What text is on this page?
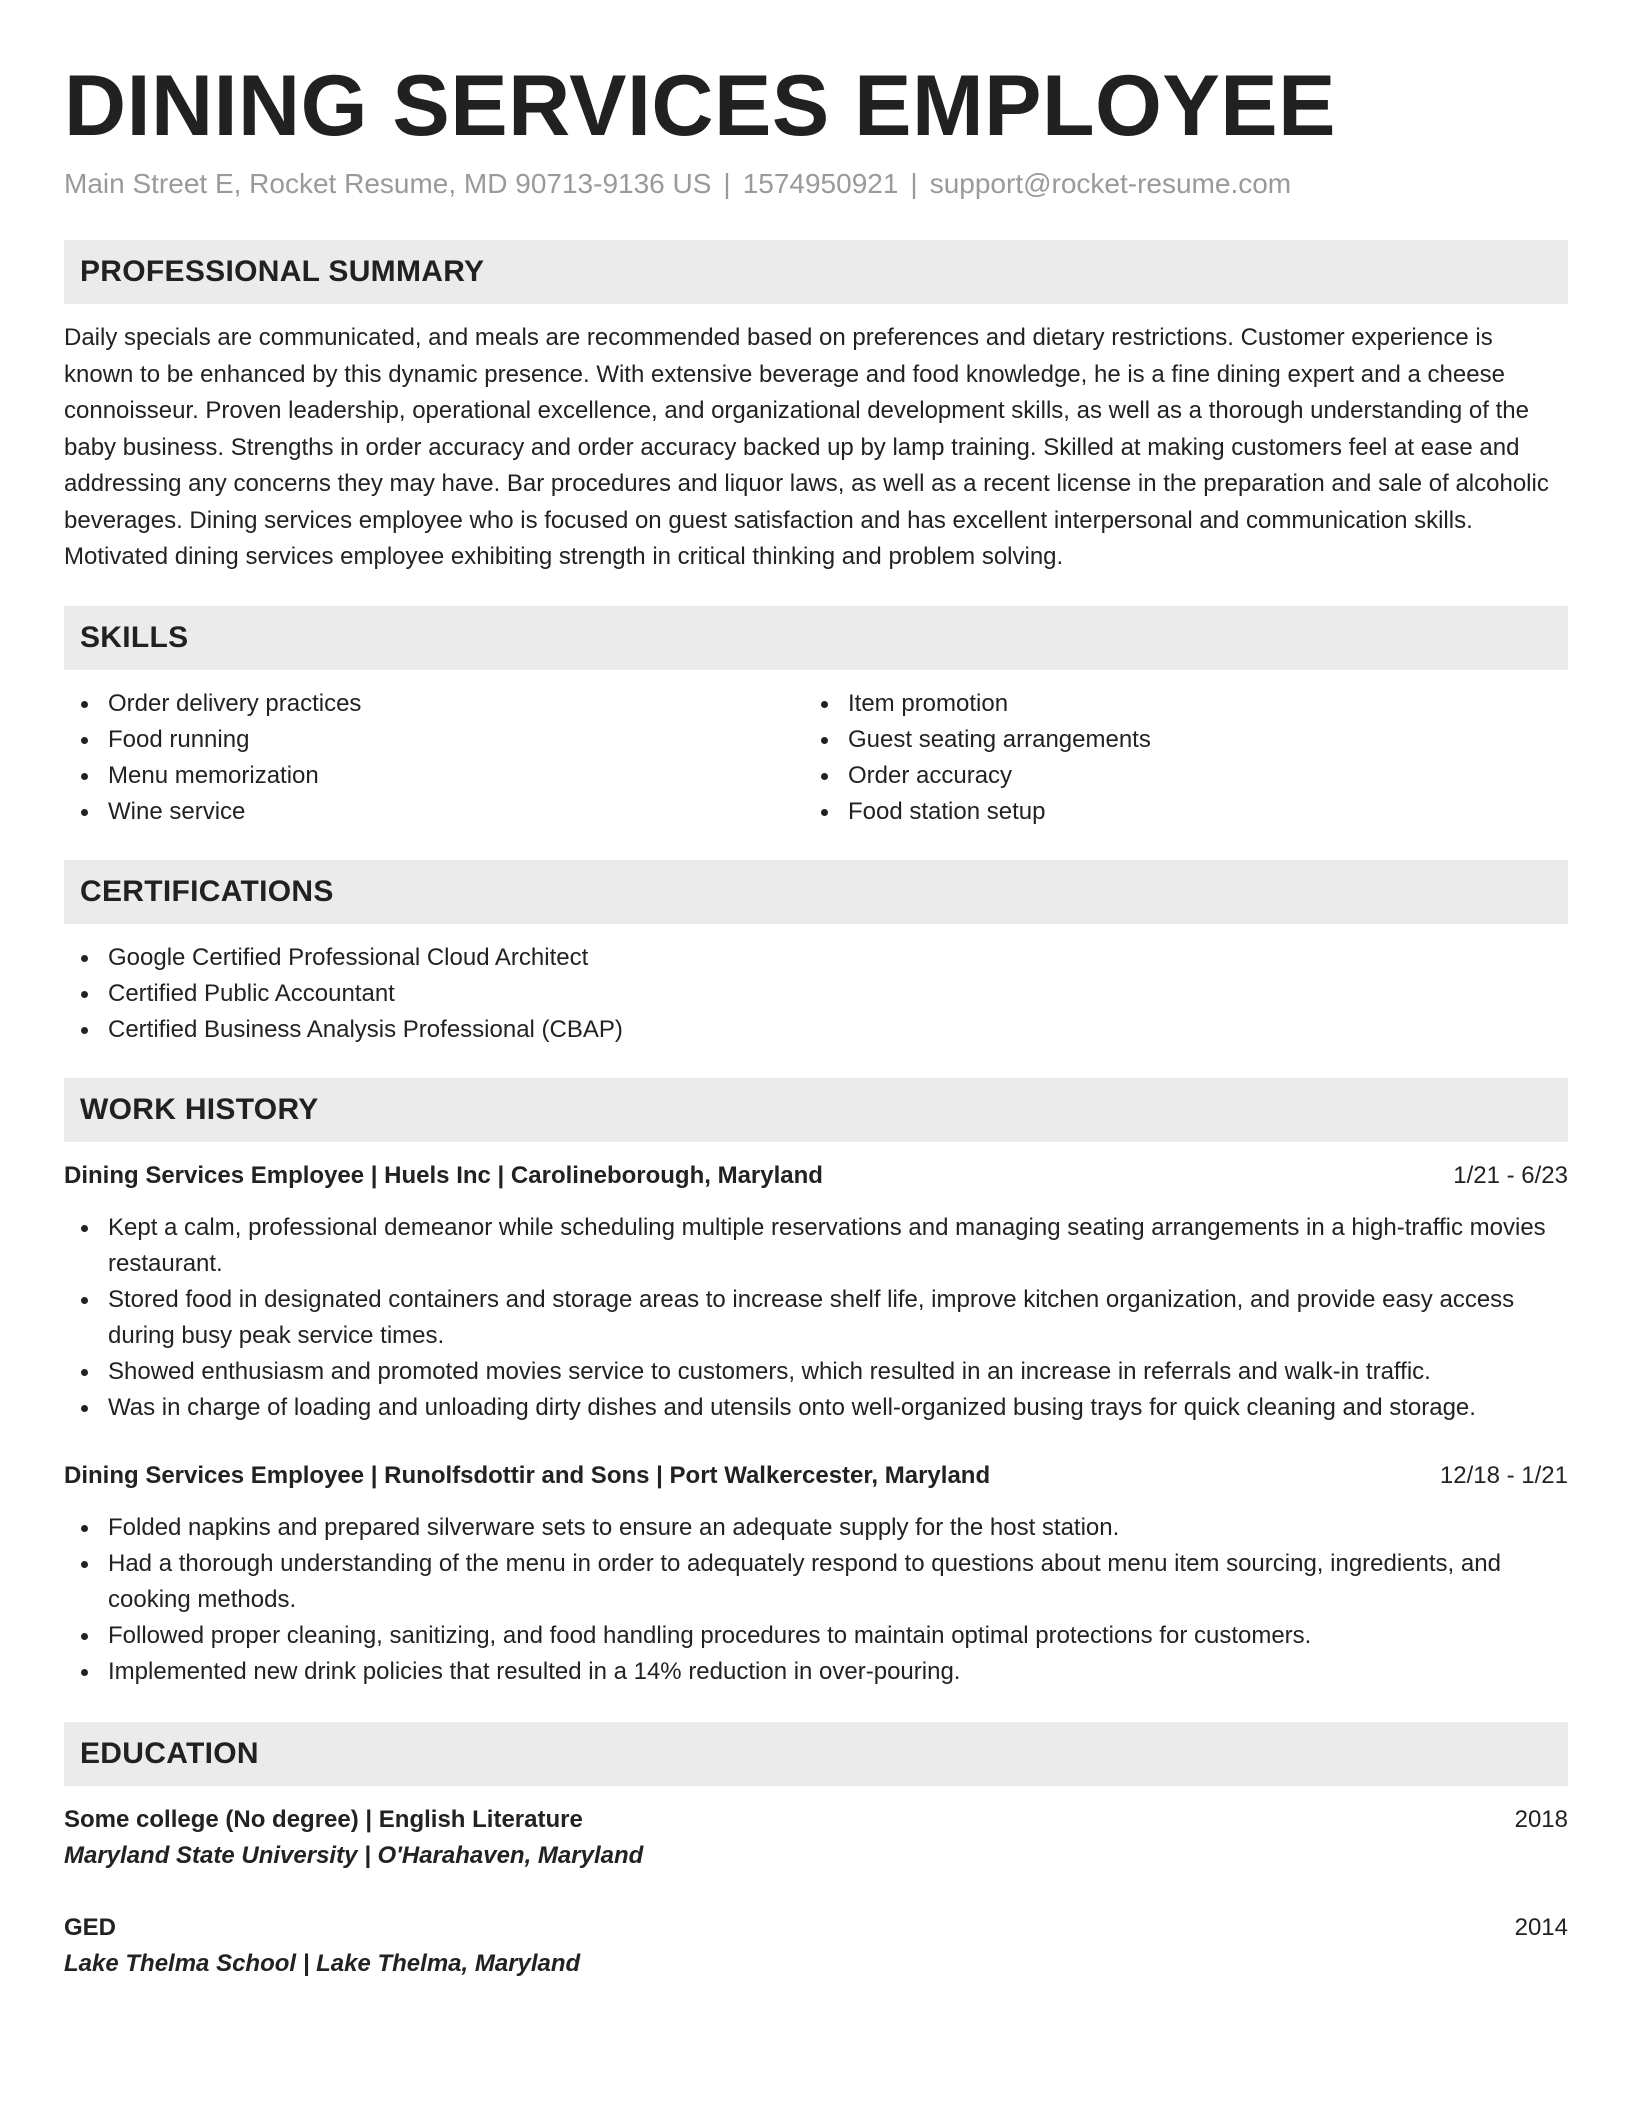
DINING SERVICES EMPLOYEE
Main Street E, Rocket Resume, MD 90713-9136 US | 1574950921 | support@rocket-resume.com
PROFESSIONAL SUMMARY

Daily specials are communicated, and meals are recommended based on preferences and dietary restrictions. Customer experience is known to be enhanced by this dynamic presence. With extensive beverage and food knowledge, he is a fine dining expert and a cheese connoisseur. Proven leadership, operational excellence, and organizational development skills, as well as a thorough understanding of the baby business. Strengths in order accuracy and order accuracy backed up by lamp training. Skilled at making customers feel at ease and addressing any concerns they may have. Bar procedures and liquor laws, as well as a recent license in the preparation and sale of alcoholic beverages. Dining services employee who is focused on guest satisfaction and has excellent interpersonal and communication skills. Motivated dining services employee exhibiting strength in critical thinking and problem solving.

SKILLS
Order delivery practices
Food running
Menu memorization
Wine service
Item promotion
Guest seating arrangements
Order accuracy
Food station setup
CERTIFICATIONS
Google Certified Professional Cloud Architect
Certified Public Accountant
Certified Business Analysis Professional (CBAP)
WORK HISTORY
Dining Services Employee | Huels Inc | Carolineborough, Maryland	1/21 - 6/23
Kept a calm, professional demeanor while scheduling multiple reservations and managing seating arrangements in a high-traffic movies restaurant.
Stored food in designated containers and storage areas to increase shelf life, improve kitchen organization, and provide easy access during busy peak service times.
Showed enthusiasm and promoted movies service to customers, which resulted in an increase in referrals and walk-in traffic.
Was in charge of loading and unloading dirty dishes and utensils onto well-organized busing trays for quick cleaning and storage.
Dining Services Employee | Runolfsdottir and Sons | Port Walkercester, Maryland	12/18 - 1/21
Folded napkins and prepared silverware sets to ensure an adequate supply for the host station.
Had a thorough understanding of the menu in order to adequately respond to questions about menu item sourcing, ingredients, and cooking methods.
Followed proper cleaning, sanitizing, and food handling procedures to maintain optimal protections for customers.
Implemented new drink policies that resulted in a 14% reduction in over-pouring.
EDUCATION
Some college (No degree) | English Literature	2018
Maryland State University | O'Harahaven, Maryland
GED	2014
Lake Thelma School | Lake Thelma, Maryland
